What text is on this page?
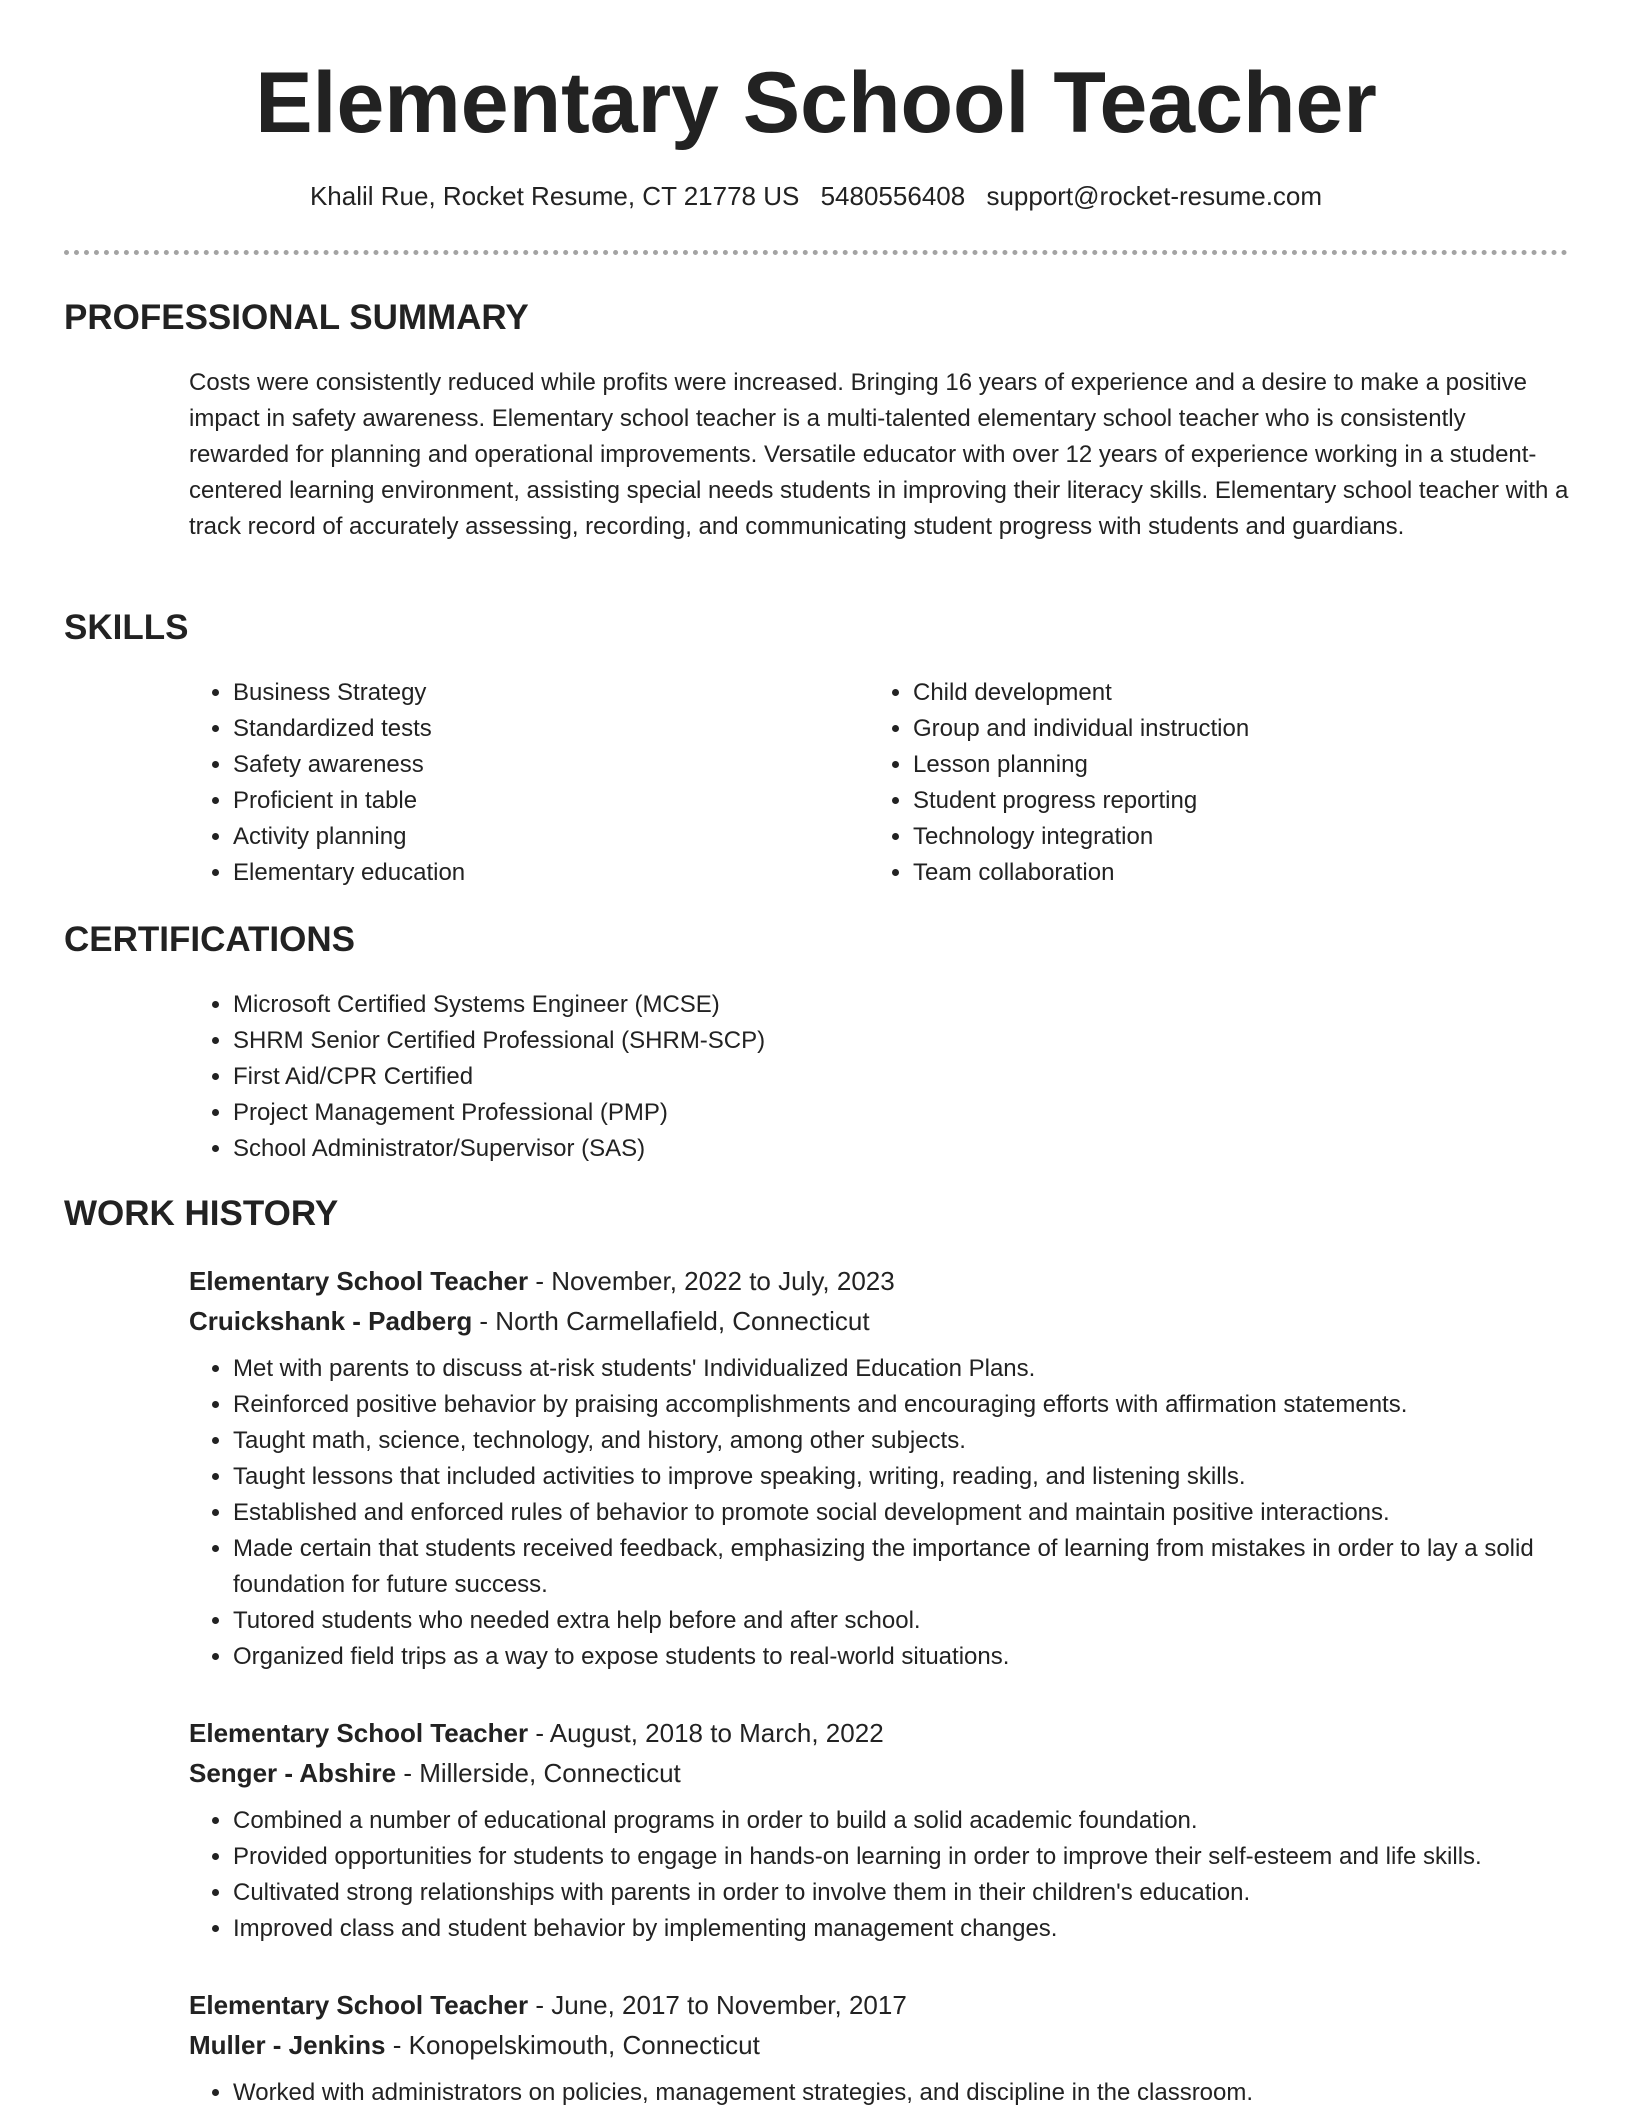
Elementary School Teacher
Khalil Rue, Rocket Resume, CT 21778 US 5480556408 support@rocket-resume.com
PROFESSIONAL SUMMARY

Costs were consistently reduced while profits were increased. Bringing 16 years of experience and a desire to make a positive impact in safety awareness. Elementary school teacher is a multi-talented elementary school teacher who is consistently rewarded for planning and operational improvements. Versatile educator with over 12 years of experience working in a student-centered learning environment, assisting special needs students in improving their literacy skills. Elementary school teacher with a track record of accurately assessing, recording, and communicating student progress with students and guardians.

SKILLS
• Business Strategy
• Standardized tests
• Safety awareness
• Proficient in table
• Activity planning
• Elementary education
• Child development
• Group and individual instruction
• Lesson planning
• Student progress reporting
• Technology integration
• Team collaboration
CERTIFICATIONS
• Microsoft Certified Systems Engineer (MCSE)
• SHRM Senior Certified Professional (SHRM-SCP)
• First Aid/CPR Certified
• Project Management Professional (PMP)
• School Administrator/Supervisor (SAS)
WORK HISTORY
Elementary School Teacher - November, 2022 to July, 2023
Cruickshank - Padberg - North Carmellafield, Connecticut
• Met with parents to discuss at-risk students' Individualized Education Plans.
• Reinforced positive behavior by praising accomplishments and encouraging efforts with affirmation statements.
• Taught math, science, technology, and history, among other subjects.
• Taught lessons that included activities to improve speaking, writing, reading, and listening skills.
• Established and enforced rules of behavior to promote social development and maintain positive interactions.
• Made certain that students received feedback, emphasizing the importance of learning from mistakes in order to lay a solid foundation for future success.
• Tutored students who needed extra help before and after school.
• Organized field trips as a way to expose students to real-world situations.
Elementary School Teacher - August, 2018 to March, 2022
Senger - Abshire - Millerside, Connecticut
• Combined a number of educational programs in order to build a solid academic foundation.
• Provided opportunities for students to engage in hands-on learning in order to improve their self-esteem and life skills.
• Cultivated strong relationships with parents in order to involve them in their children's education.
• Improved class and student behavior by implementing management changes.
Elementary School Teacher - June, 2017 to November, 2017
Muller - Jenkins - Konopelskimouth, Connecticut
• Worked with administrators on policies, management strategies, and discipline in the classroom.
